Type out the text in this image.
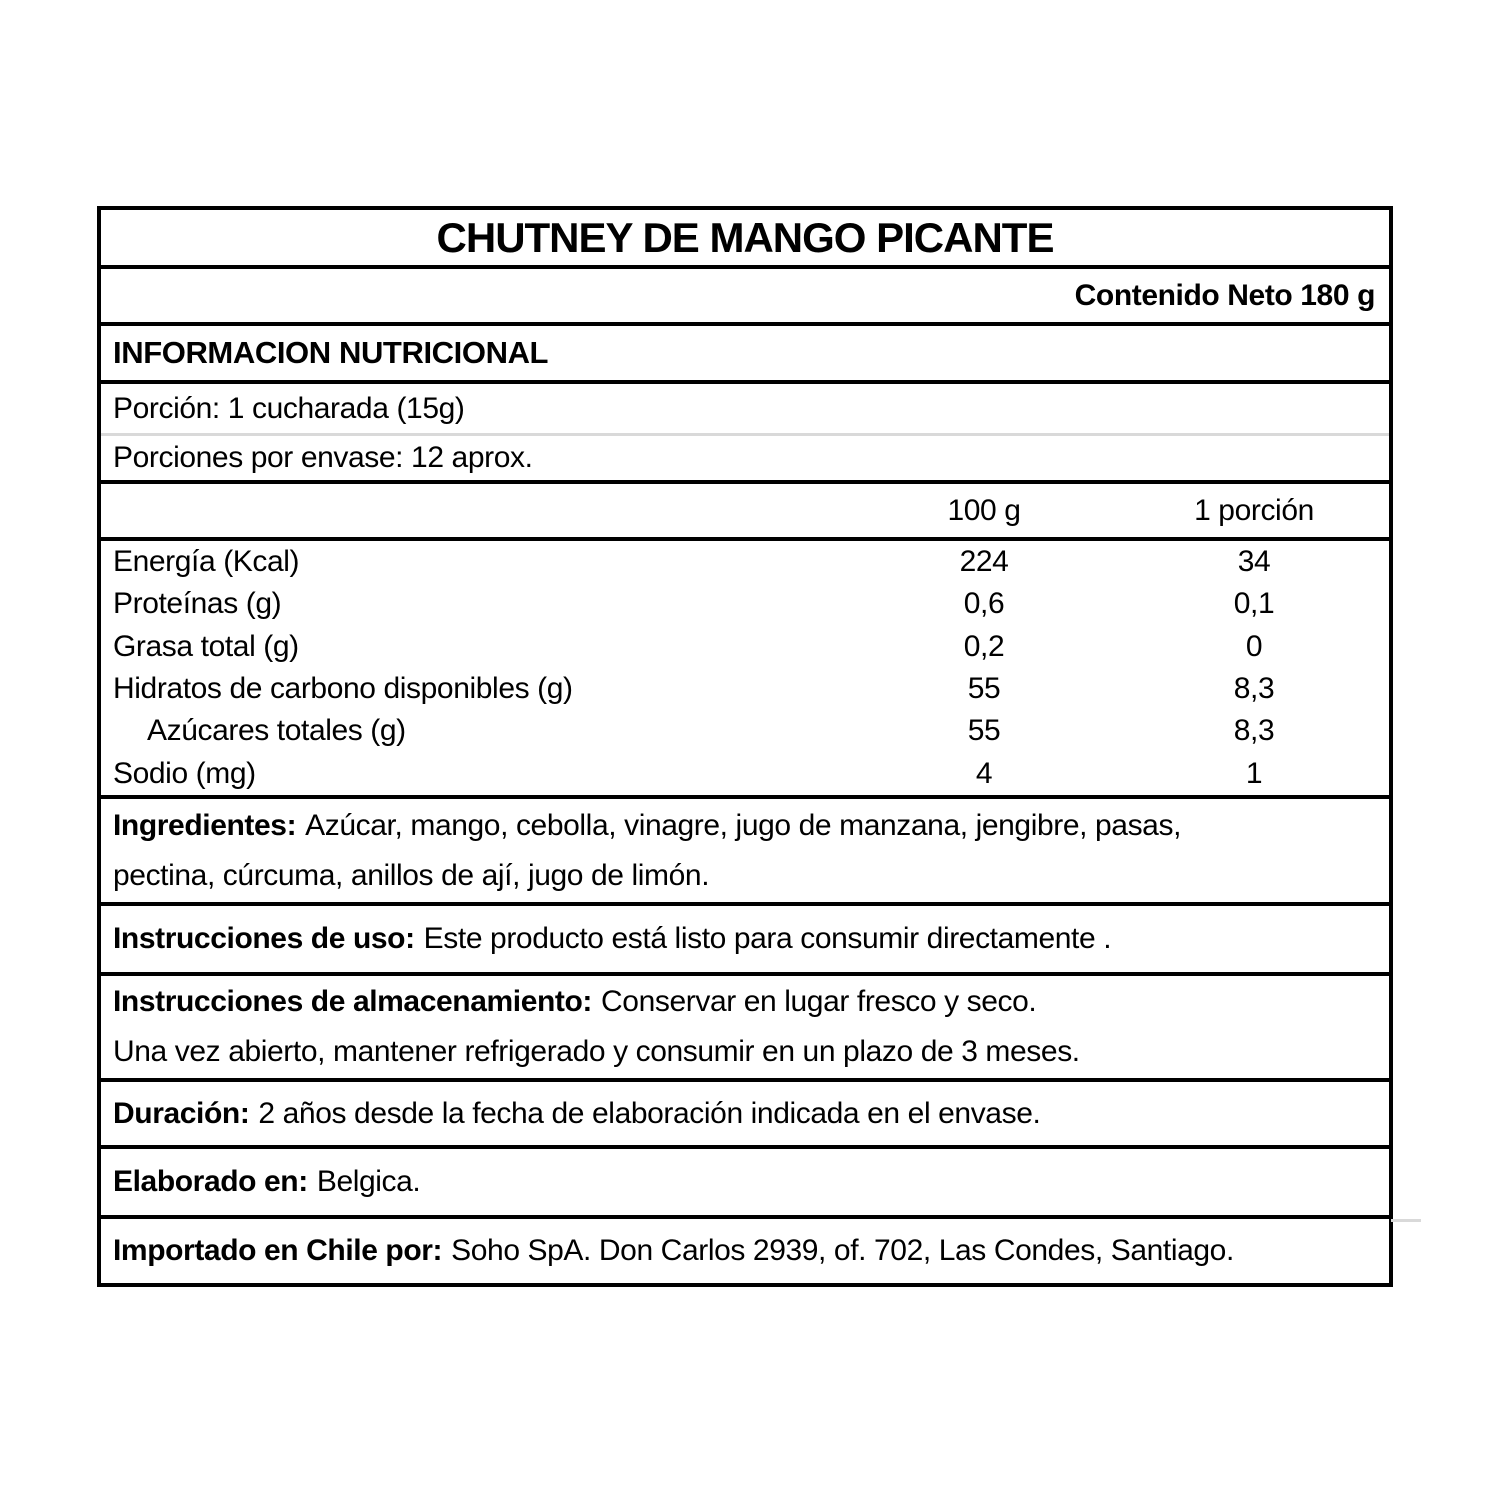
CHUTNEY DE MANGO PICANTE
Contenido Neto 180 g
INFORMACION NUTRICIONAL
Porción: 1 cucharada (15g)
Porciones por envase: 12 aprox.
100 g	1 porción
Energía (Kcal)	224	34
Proteínas (g)	0,6	0,1
Grasa total (g)	0,2	0
Hidratos de carbono disponibles (g)	55	8,3
Azúcares totales (g)	55	8,3
Sodio (mg)	4	1
Ingredientes: Azúcar, mango, cebolla, vinagre, jugo de manzana, jengibre, pasas,
pectina, cúrcuma, anillos de ají, jugo de limón.
Instrucciones de uso: Este producto está listo para consumir directamente .
Instrucciones de almacenamiento: Conservar en lugar fresco y seco.
Una vez abierto, mantener refrigerado y consumir en un plazo de 3 meses.
Duración: 2 años desde la fecha de elaboración indicada en el envase.
Elaborado en: Belgica.
Importado en Chile por: Soho SpA. Don Carlos 2939, of. 702, Las Condes, Santiago.
